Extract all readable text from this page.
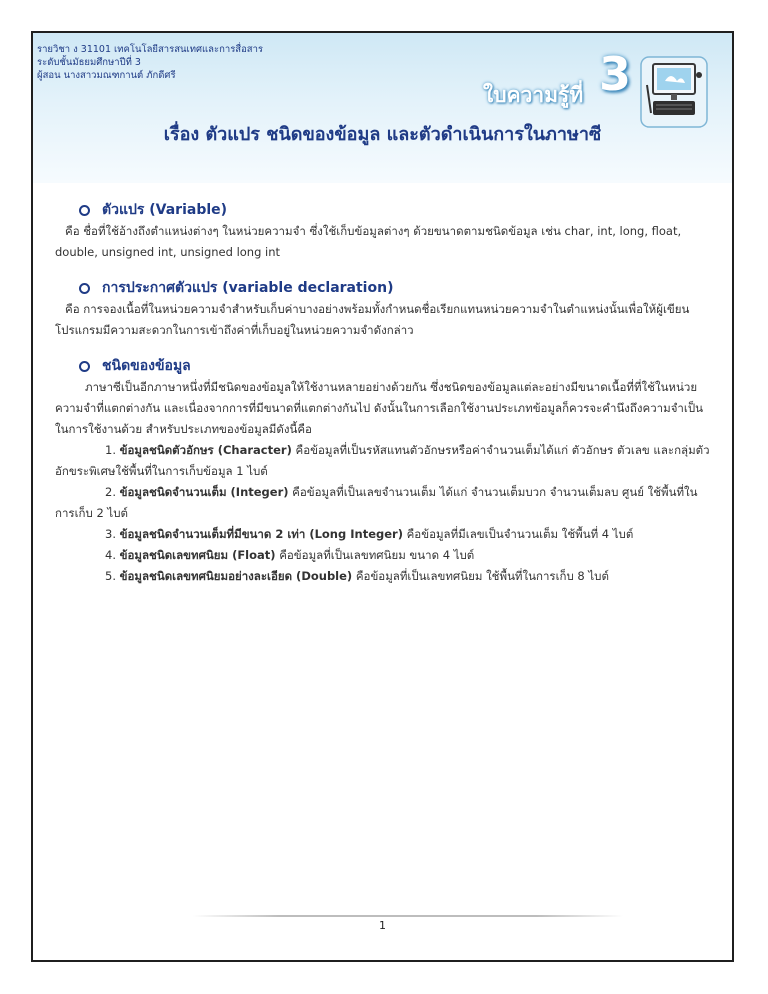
รายวิชา ง 31101 เทคโนโลยีสารสนเทศและการสื่อสาร
ระดับชั้นมัธยมศึกษาปีที่ 3
ผู้สอน นางสาวมณฑกานต์ ภักดีศรี
ใบความรู้ที่ 3
เรื่อง ตัวแปร ชนิดของข้อมูล และตัวดำเนินการในภาษาซี
ตัวแปร (Variable)

คือ ชื่อที่ใช้อ้างถึงตำแหน่งต่างๆ ในหน่วยความจำ ซึ่งใช้เก็บข้อมูลต่างๆ ด้วยขนาดตามชนิดข้อมูล เช่น char, int, long, float, double, unsigned int, unsigned long int

การประกาศตัวแปร (variable declaration)

คือ การจองเนื้อที่ในหน่วยความจำสำหรับเก็บค่าบางอย่างพร้อมทั้งกำหนดชื่อเรียกแทนหน่วยความจำในตำแหน่งนั้นเพื่อให้ผู้เขียนโปรแกรมมีความสะดวกในการเข้าถึงค่าที่เก็บอยู่ในหน่วยความจำดังกล่าว

ชนิดของข้อมูล

ภาษาซีเป็นอีกภาษาหนึ่งที่มีชนิดของข้อมูลให้ใช้งานหลายอย่างด้วยกัน ซึ่งชนิดของข้อมูลแต่ละอย่างมีขนาดเนื้อที่ที่ใช้ในหน่วยความจำที่แตกต่างกัน และเนื่องจากการที่มีขนาดที่แตกต่างกันไป ดังนั้นในการเลือกใช้งานประเภทข้อมูลก็ควรจะคำนึงถึงความจำเป็นในการใช้งานด้วย สำหรับประเภทของข้อมูลมีดังนี้คือ

1. ข้อมูลชนิดตัวอักษร (Character) คือข้อมูลที่เป็นรหัสแทนตัวอักษรหรือค่าจำนวนเต็มได้แก่ ตัวอักษร ตัวเลข และกลุ่มตัวอักขระพิเศษใช้พื้นที่ในการเก็บข้อมูล 1 ไบต์

2. ข้อมูลชนิดจำนวนเต็ม (Integer) คือข้อมูลที่เป็นเลขจำนวนเต็ม ได้แก่ จำนวนเต็มบวก จำนวนเต็มลบ ศูนย์ ใช้พื้นที่ในการเก็บ 2 ไบต์

3. ข้อมูลชนิดจำนวนเต็มที่มีขนาด 2 เท่า (Long Integer) คือข้อมูลที่มีเลขเป็นจำนวนเต็ม ใช้พื้นที่ 4 ไบต์

4. ข้อมูลชนิดเลขทศนิยม (Float) คือข้อมูลที่เป็นเลขทศนิยม ขนาด 4 ไบต์

5. ข้อมูลชนิดเลขทศนิยมอย่างละเอียด (Double) คือข้อมูลที่เป็นเลขทศนิยม ใช้พื้นที่ในการเก็บ 8 ไบต์

1
